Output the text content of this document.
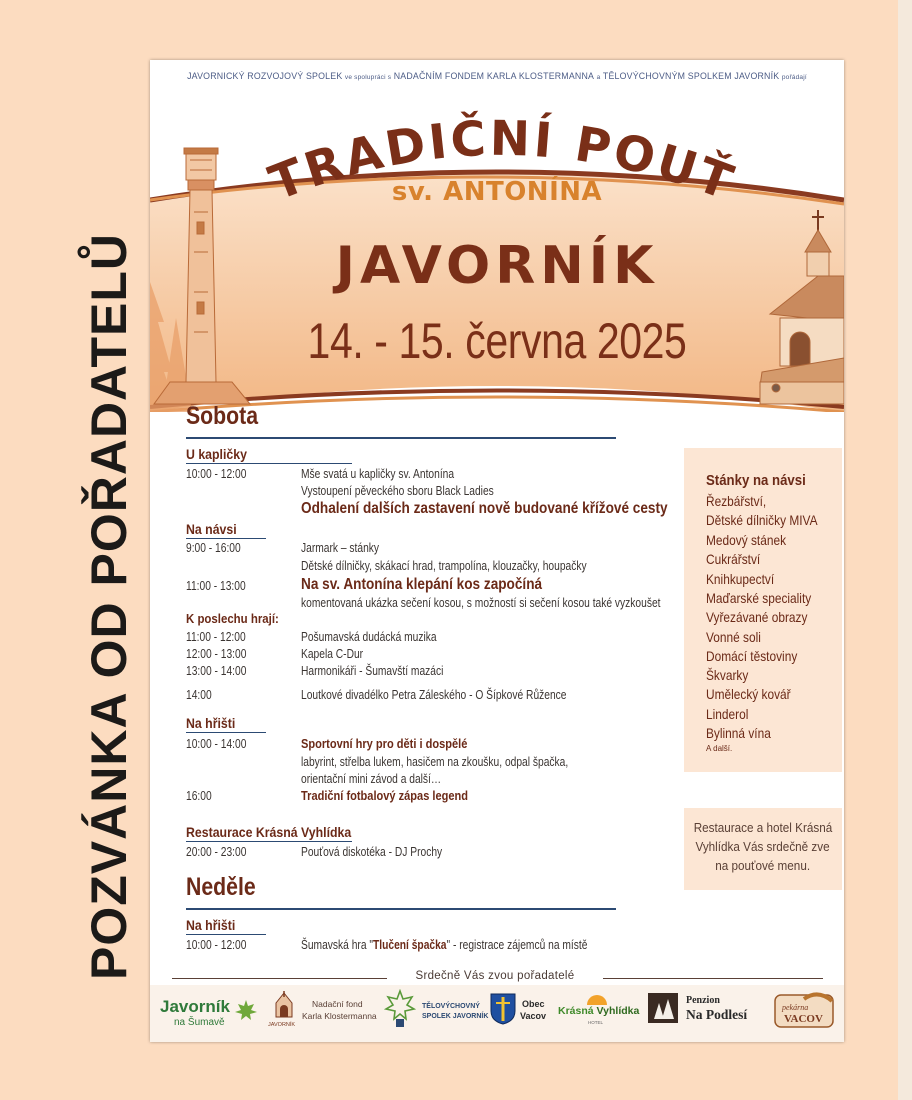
POZVÁNKA OD POŘADATELŮ
JAVORNICKÝ ROZVOJOVÝ SPOLEK ve spolupráci s NADAČNÍM FONDEM KARLA KLOSTERMANNA a TĚLOVÝCHOVNÝM SPOLKEM JAVORNÍK pořádají
TRADIČNÍ POUŤ
sv. ANTONÍNA
JAVORNÍK
14. - 15. června 2025
Sobota
U kapličky
10:00 - 12:00	Mše svatá u kapličky sv. Antonína
Vystoupení pěveckého sboru Black Ladies
Odhalení dalších zastavení nově budované křížové cesty
Na návsi
9:00 - 16:00	Jarmark – stánky
Dětské dílničky, skákací hrad, trampolína, klouzačky, houpačky
11:00 - 13:00	Na sv. Antonína klepání kos započíná
komentovaná ukázka sečení kosou, s možností si sečení kosou také vyzkoušet
K poslechu hrají:
11:00 - 12:00	Pošumavská dudácká muzika
12:00 - 13:00	Kapela C-Dur
13:00 - 14:00	Harmonikáři - Šumavští mazáci
14:00	Loutkové divadélko Petra Záleského - O Šípkové Růžence
Na hřišti
10:00 - 14:00	Sportovní hry pro děti i dospělé
labyrint, střelba lukem, hasičem na zkoušku, odpal špačka,
orientační mini závod a další…
16:00	Tradiční fotbalový zápas legend
Restaurace Krásná Vyhlídka
20:00 - 23:00	Pouťová diskotéka - DJ Prochy
Neděle
Na hřišti
10:00 - 12:00	Šumavská hra "Tlučení špačka" - registrace zájemců na místě
Stánky na návsi
Řezbářství,
Dětské dílničky MIVA
Medový stánek
Cukrářství
Knihkupectví
Maďarské speciality
Vyřezávané obrazy
Vonné soli
Domácí těstoviny
Škvarky
Umělecký kovář
Linderol
Bylinná vína
A další.
Restaurace a hotel Krásná
Vyhlídka Vás srdečně zve
na pouťové menu.
Srdečně Vás zvou pořadatelé
Javorník
na Šumavě	JAVORNÍK
Nadační fond
Karla Klostermanna
TĚLOVÝCHOVNÝ
SPOLEK JAVORNÍK
Obec
Vacov Krásná Vyhlídka
HOTEL
Penzion
Na Podlesí	pekárna
VACOV
